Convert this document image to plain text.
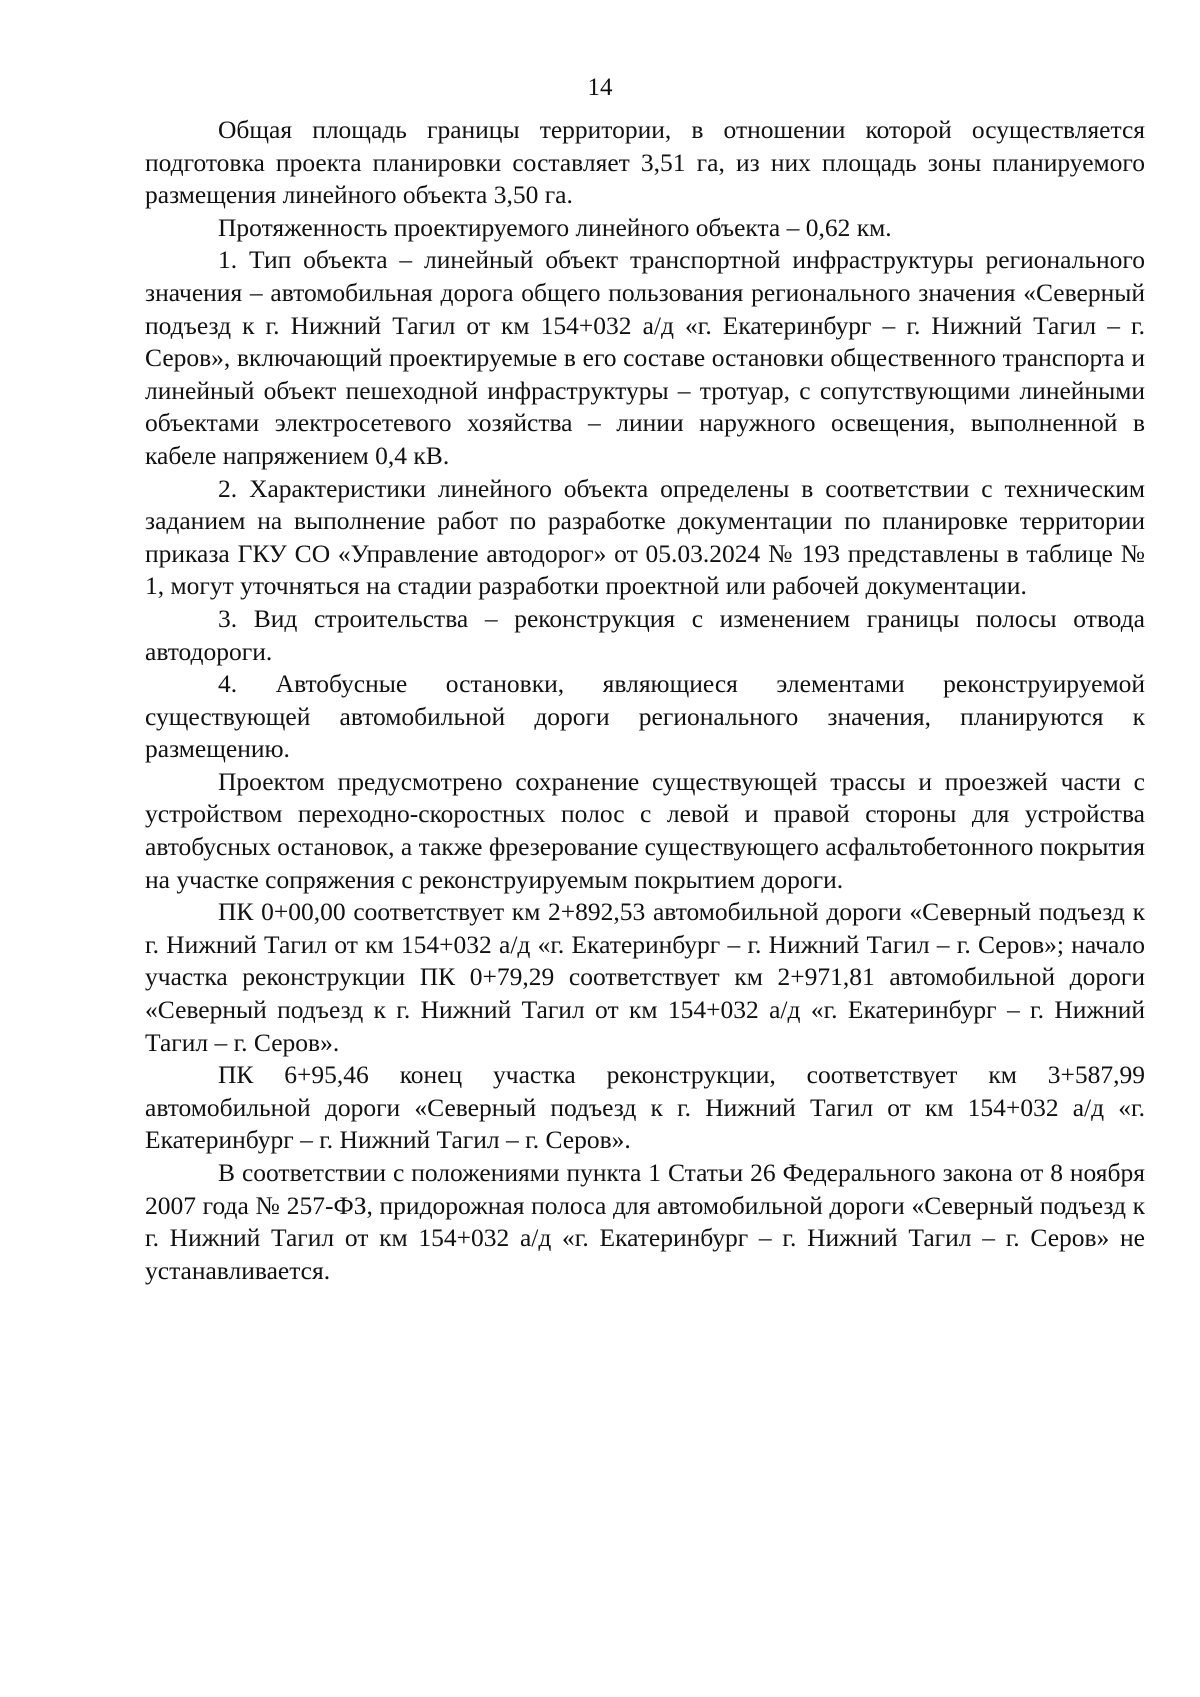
14

Общая площадь границы территории, в отношении которой осуществляется подготовка проекта планировки составляет 3,51 га, из них площадь зоны планируемого размещения линейного объекта 3,50 га.

Протяженность проектируемого линейного объекта – 0,62 км.

1. Тип объекта – линейный объект транспортной инфраструктуры регионального значения – автомобильная дорога общего пользования регионального значения «Северный подъезд к г. Нижний Тагил от км 154+032 а/д «г. Екатеринбург – г. Нижний Тагил – г. Серов», включающий проектируемые в его составе остановки общественного транспорта и линейный объект пешеходной инфраструктуры – тротуар, с сопутствующими линейными объектами электросетевого хозяйства – линии наружного освещения, выполненной в кабеле напряжением 0,4 кВ.

2. Характеристики линейного объекта определены в соответствии с техническим заданием на выполнение работ по разработке документации по планировке территории приказа ГКУ СО «Управление автодорог» от 05.03.2024 № 193 представлены в таблице № 1, могут уточняться на стадии разработки проектной или рабочей документации.

3. Вид строительства – реконструкция с изменением границы полосы отвода автодороги.

4. Автобусные остановки, являющиеся элементами реконструируемой существующей автомобильной дороги регионального значения, планируются к размещению.

Проектом предусмотрено сохранение существующей трассы и проезжей части с устройством переходно-скоростных полос с левой и правой стороны для устройства автобусных остановок, а также фрезерование существующего асфальтобетонного покрытия на участке сопряжения с реконструируемым покрытием дороги.

ПК 0+00,00 соответствует км 2+892,53 автомобильной дороги «Северный подъезд к г. Нижний Тагил от км 154+032 а/д «г. Екатеринбург – г. Нижний Тагил – г. Серов»; начало участка реконструкции ПК 0+79,29 соответствует км 2+971,81 автомобильной дороги «Северный подъезд к г. Нижний Тагил от км 154+032 а/д «г. Екатеринбург – г. Нижний Тагил – г. Серов».

ПК 6+95,46 конец участка реконструкции, соответствует км 3+587,99 автомобильной дороги «Северный подъезд к г. Нижний Тагил от км 154+032 а/д «г. Екатеринбург – г. Нижний Тагил – г. Серов».

В соответствии с положениями пункта 1 Статьи 26 Федерального закона от 8 ноября 2007 года № 257-ФЗ, придорожная полоса для автомобильной дороги «Северный подъезд к г. Нижний Тагил от км 154+032 а/д «г. Екатеринбург – г. Нижний Тагил – г. Серов» не устанавливается.
